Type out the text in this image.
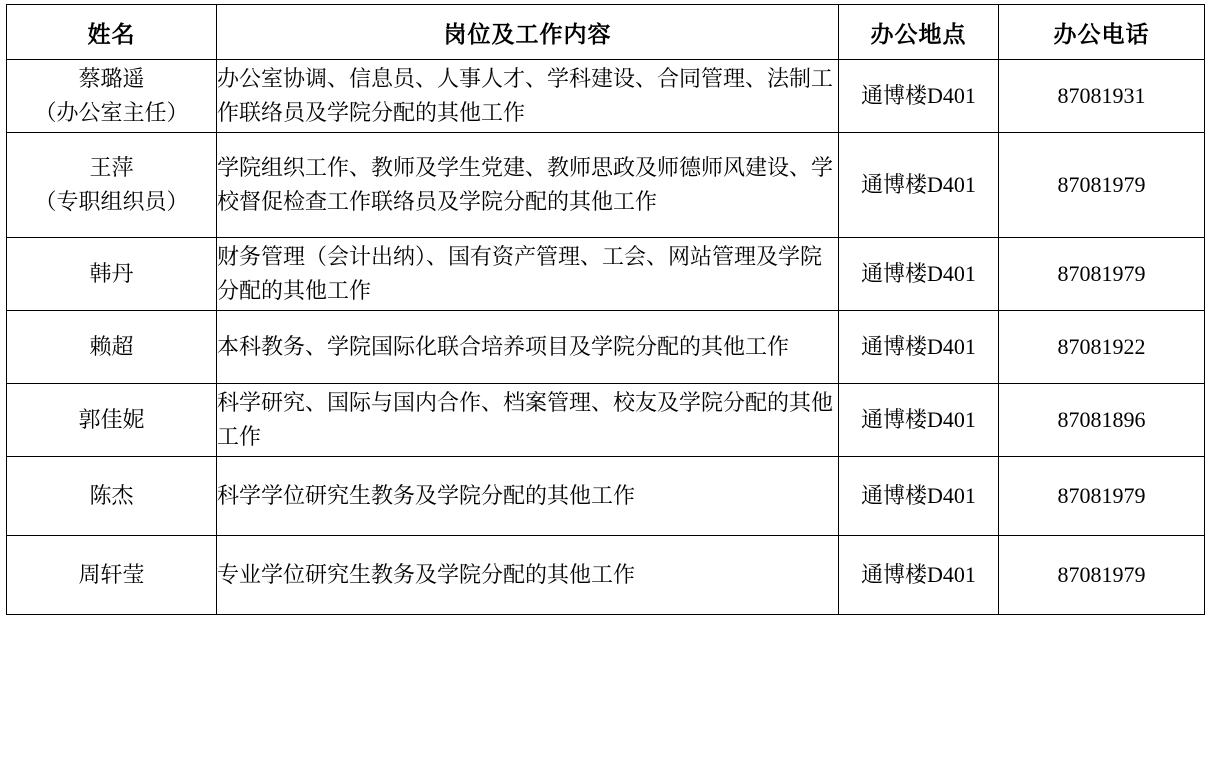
姓名	岗位及工作内容	办公地点	办公电话

蔡璐遥
（办公室主任）	办公室协调、信息员、人事人才、学科建设、合同管理、法制工作联络员及学院分配的其他工作	通博楼D401	87081931

王萍
（专职组织员）	学院组织工作、教师及学生党建、教师思政及师德师风建设、学校督促检查工作联络员及学院分配的其他工作	通博楼D401	87081979

韩丹	财务管理（会计出纳）、国有资产管理、工会、网站管理及学院分配的其他工作	通博楼D401	87081979

赖超	本科教务、学院国际化联合培养项目及学院分配的其他工作	通博楼D401	87081922

郭佳妮	科学研究、国际与国内合作、档案管理、校友及学院分配的其他工作	通博楼D401	87081896

陈杰	科学学位研究生教务及学院分配的其他工作	通博楼D401	87081979

周轩莹	专业学位研究生教务及学院分配的其他工作	通博楼D401	87081979
